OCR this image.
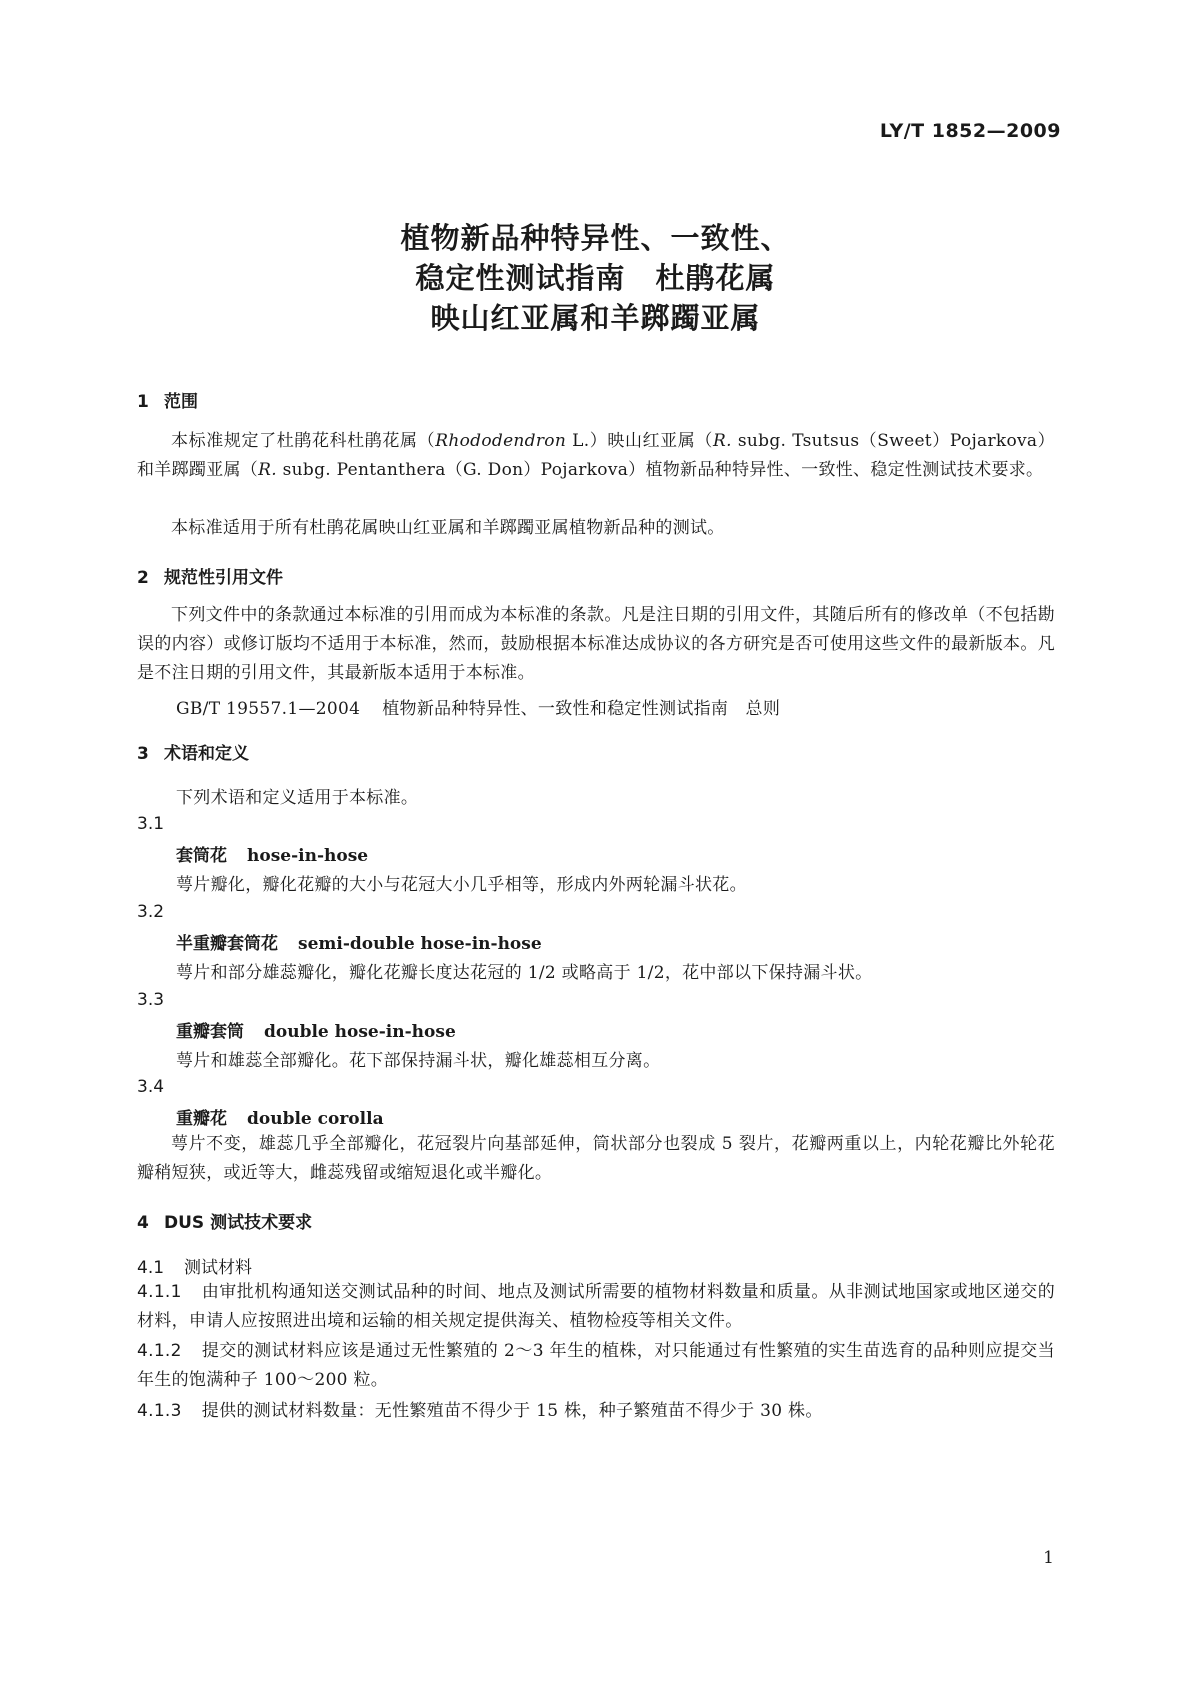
LY/T 1852—2009
植物新品种特异性、一致性、
稳定性测试指南　杜鹃花属
映山红亚属和羊踯躅亚属
1 范围
本标准规定了杜鹃花科杜鹃花属（Rhododendron L.）映山红亚属（R. subg. Tsutsus（Sweet）Pojarkova）和羊踯躅亚属（R. subg. Pentanthera（G. Don）Pojarkova）植物新品种特异性、一致性、稳定性测试技术要求。
本标准适用于所有杜鹃花属映山红亚属和羊踯躅亚属植物新品种的测试。
2 规范性引用文件
下列文件中的条款通过本标准的引用而成为本标准的条款。凡是注日期的引用文件，其随后所有的修改单（不包括勘误的内容）或修订版均不适用于本标准，然而，鼓励根据本标准达成协议的各方研究是否可使用这些文件的最新版本。凡是不注日期的引用文件，其最新版本适用于本标准。
GB/T 19557.1—2004 植物新品种特异性、一致性和稳定性测试指南　总则
3 术语和定义
下列术语和定义适用于本标准。
3.1
套筒花 hose-in-hose
萼片瓣化，瓣化花瓣的大小与花冠大小几乎相等，形成内外两轮漏斗状花。
3.2
半重瓣套筒花 semi-double hose-in-hose
萼片和部分雄蕊瓣化，瓣化花瓣长度达花冠的 1/2 或略高于 1/2，花中部以下保持漏斗状。
3.3
重瓣套筒 double hose-in-hose
萼片和雄蕊全部瓣化。花下部保持漏斗状，瓣化雄蕊相互分离。
3.4
重瓣花 double corolla
萼片不变，雄蕊几乎全部瓣化，花冠裂片向基部延伸，筒状部分也裂成 5 裂片，花瓣两重以上，内轮花瓣比外轮花瓣稍短狭，或近等大，雌蕊残留或缩短退化或半瓣化。
4 DUS 测试技术要求
4.1 测试材料
4.1.1 由审批机构通知送交测试品种的时间、地点及测试所需要的植物材料数量和质量。从非测试地国家或地区递交的材料，申请人应按照进出境和运输的相关规定提供海关、植物检疫等相关文件。
4.1.2 提交的测试材料应该是通过无性繁殖的 2～3 年生的植株，对只能通过有性繁殖的实生苗选育的品种则应提交当年生的饱满种子 100～200 粒。
4.1.3 提供的测试材料数量：无性繁殖苗不得少于 15 株，种子繁殖苗不得少于 30 株。
1
